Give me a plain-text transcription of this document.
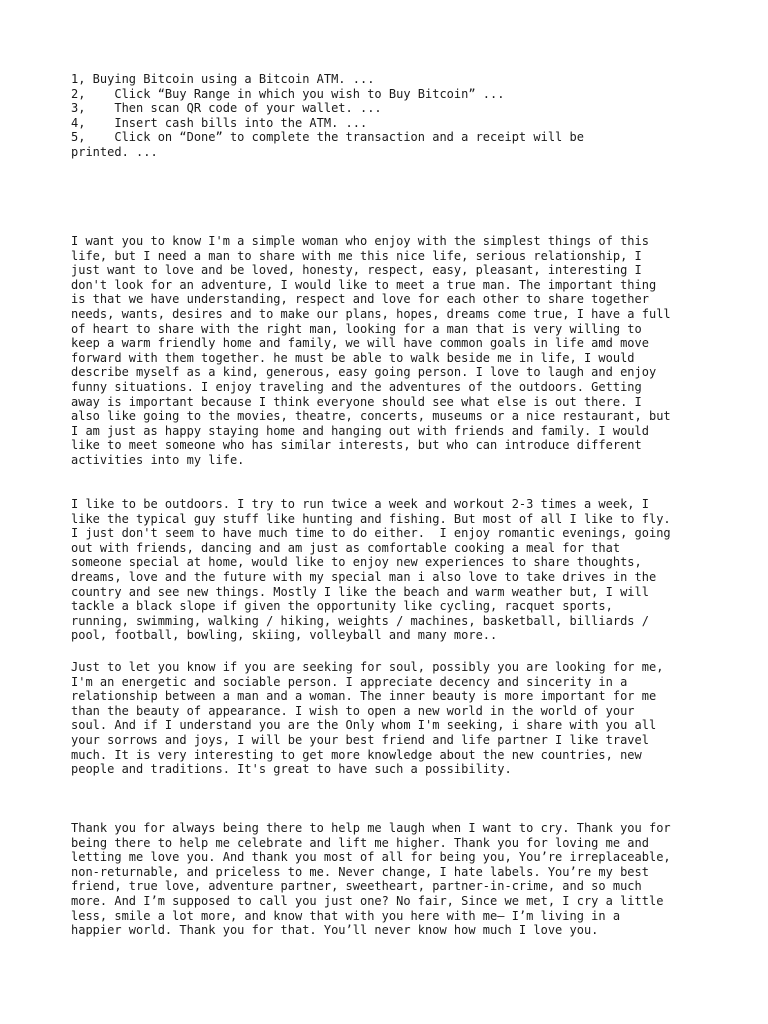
1, Buying Bitcoin using a Bitcoin ATM. ...
2,    Click “Buy Range in which you wish to Buy Bitcoin” ...
3,    Then scan QR code of your wallet. ...
4,    Insert cash bills into the ATM. ...
5,    Click on “Done” to complete the transaction and a receipt will be
printed. ...
I want you to know I'm a simple woman who enjoy with the simplest things of this
life, but I need a man to share with me this nice life, serious relationship, I
just want to love and be loved, honesty, respect, easy, pleasant, interesting I
don't look for an adventure, I would like to meet a true man. The important thing
is that we have understanding, respect and love for each other to share together
needs, wants, desires and to make our plans, hopes, dreams come true, I have a full
of heart to share with the right man, looking for a man that is very willing to
keep a warm friendly home and family, we will have common goals in life amd move
forward with them together. he must be able to walk beside me in life, I would
describe myself as a kind, generous, easy going person. I love to laugh and enjoy
funny situations. I enjoy traveling and the adventures of the outdoors. Getting
away is important because I think everyone should see what else is out there. I
also like going to the movies, theatre, concerts, museums or a nice restaurant, but
I am just as happy staying home and hanging out with friends and family. I would
like to meet someone who has similar interests, but who can introduce different
activities into my life.
I like to be outdoors. I try to run twice a week and workout 2-3 times a week, I
like the typical guy stuff like hunting and fishing. But most of all I like to fly.
I just don't seem to have much time to do either.  I enjoy romantic evenings, going
out with friends, dancing and am just as comfortable cooking a meal for that
someone special at home, would like to enjoy new experiences to share thoughts,
dreams, love and the future with my special man i also love to take drives in the
country and see new things. Mostly I like the beach and warm weather but, I will
tackle a black slope if given the opportunity like cycling, racquet sports,
running, swimming, walking / hiking, weights / machines, basketball, billiards /
pool, football, bowling, skiing, volleyball and many more..
Just to let you know if you are seeking for soul, possibly you are looking for me,
I'm an energetic and sociable person. I appreciate decency and sincerity in a
relationship between a man and a woman. The inner beauty is more important for me
than the beauty of appearance. I wish to open a new world in the world of your
soul. And if I understand you are the Only whom I'm seeking, i share with you all
your sorrows and joys, I will be your best friend and life partner I like travel
much. It is very interesting to get more knowledge about the new countries, new
people and traditions. It's great to have such a possibility.
Thank you for always being there to help me laugh when I want to cry. Thank you for
being there to help me celebrate and lift me higher. Thank you for loving me and
letting me love you. And thank you most of all for being you, You’re irreplaceable,
non-returnable, and priceless to me. Never change, I hate labels. You’re my best
friend, true love, adventure partner, sweetheart, partner-in-crime, and so much
more. And I’m supposed to call you just one? No fair, Since we met, I cry a little
less, smile a lot more, and know that with you here with me– I’m living in a
happier world. Thank you for that. You’ll never know how much I love you.
